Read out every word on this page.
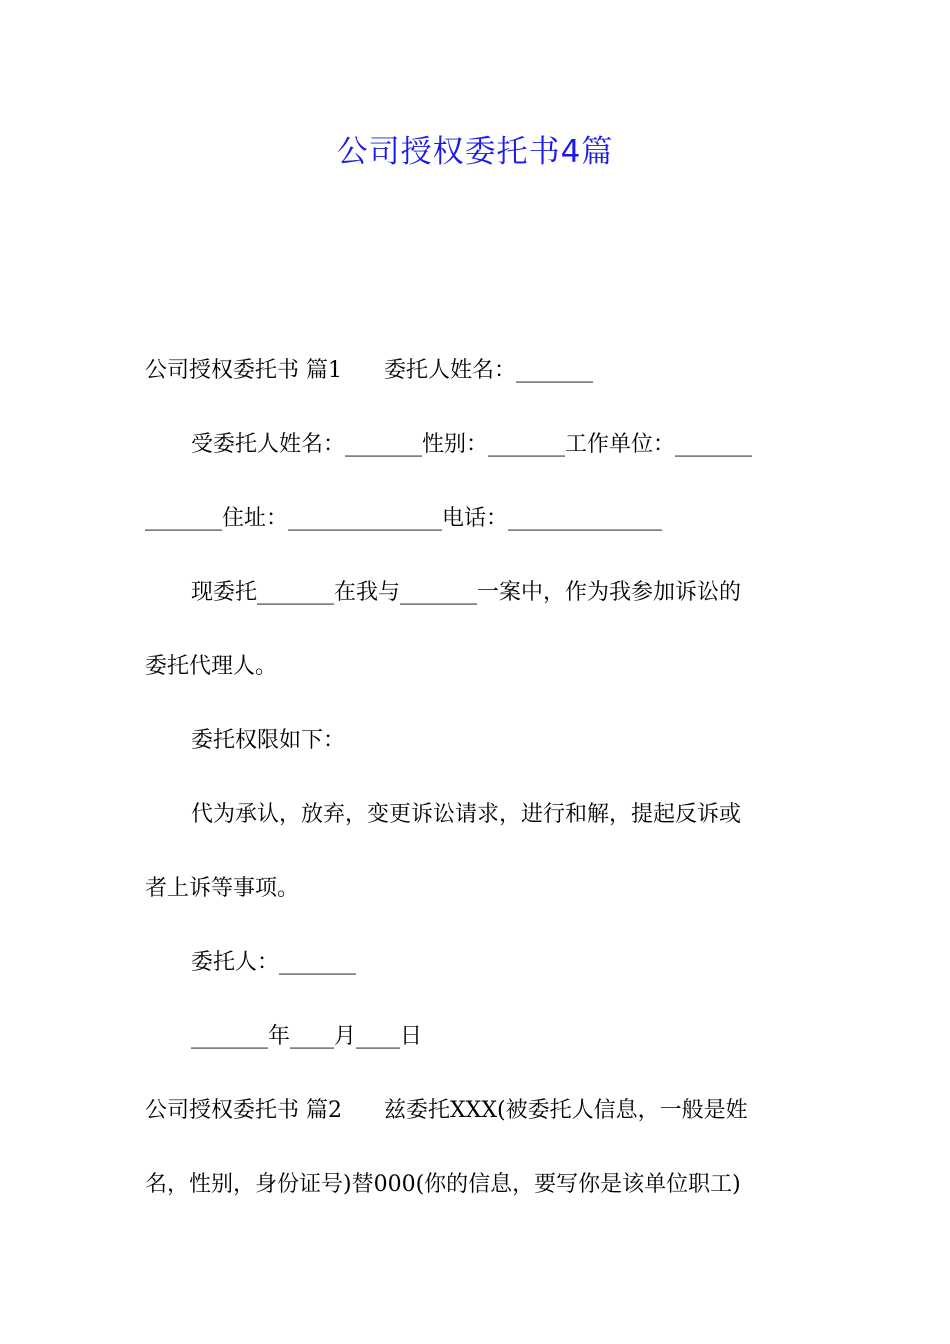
公司授权委托书4篇
公司授权委托书 篇1 委托人姓名：_______
受委托人姓名：_______性别：_______工作单位：_______
_______住址：______________电话：______________
现委托_______在我与_______一案中，作为我参加诉讼的
委托代理人。
委托权限如下：
代为承认，放弃，变更诉讼请求，进行和解，提起反诉或
者上诉等事项。
委托人：_______
_______年____月____日
公司授权委托书 篇2 兹委托XXX(被委托人信息，一般是姓
名，性别，身份证号)替000(你的信息，要写你是该单位职工)
